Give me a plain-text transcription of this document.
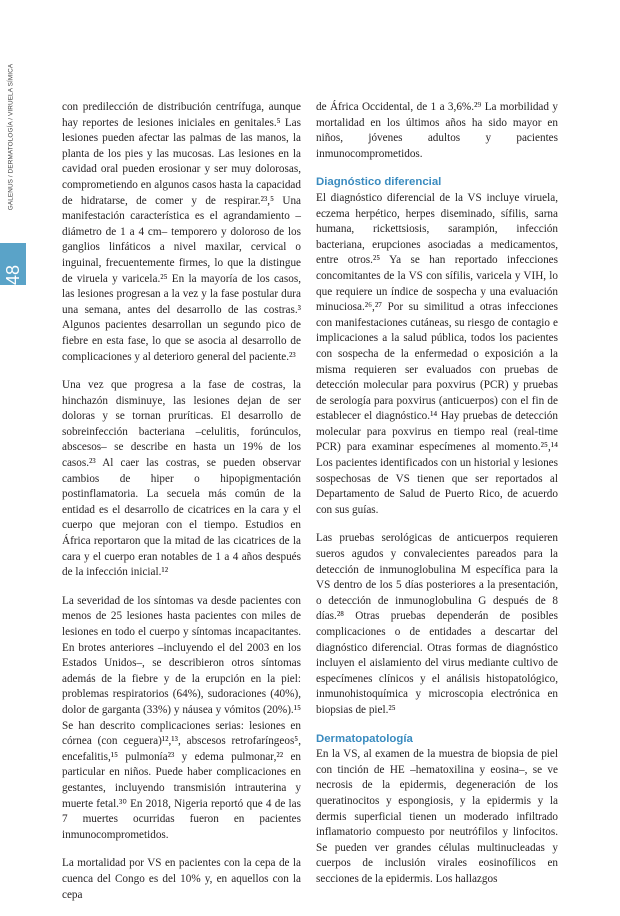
48
GALENUS / DERMATOLOGÍA / VIRUELA SÍMICA	con predilección de distribución centrífuga, aunque hay reportes de lesiones iniciales en genitales.⁵ Las lesiones pueden afectar las palmas de las manos, la planta de los pies y las mucosas. Las lesiones en la cavidad oral pueden erosionar y ser muy dolorosas, comprometiendo en algunos casos hasta la capacidad de hidratarse, de comer y de respirar.²³,⁵ Una manifestación característica es el agrandamiento –diámetro de 1 a 4 cm– temporero y doloroso de los ganglios linfáticos a nivel maxilar, cervical o inguinal, frecuentemente firmes, lo que la distingue de viruela y varicela.²⁵ En la mayoría de los casos, las lesiones progresan a la vez y la fase postular dura una semana, antes del desarrollo de las costras.³ Algunos pacientes desarrollan un segundo pico de fiebre en esta fase, lo que se asocia al desarrollo de complicaciones y al deterioro general del paciente.²³

Una vez que progresa a la fase de costras, la hinchazón disminuye, las lesiones dejan de ser doloras y se tornan pruríticas. El desarrollo de sobreinfección bacteriana –celulitis, forúnculos, abscesos– se describe en hasta un 19% de los casos.²³ Al caer las costras, se pueden observar cambios de hiper o hipopigmentación postinflamatoria. La secuela más común de la entidad es el desarrollo de cicatrices en la cara y el cuerpo que mejoran con el tiempo. Estudios en África reportaron que la mitad de las cicatrices de la cara y el cuerpo eran notables de 1 a 4 años después de la infección inicial.¹²

La severidad de los síntomas va desde pacientes con menos de 25 lesiones hasta pacientes con miles de lesiones en todo el cuerpo y síntomas incapacitantes. En brotes anteriores –incluyendo el del 2003 en los Estados Unidos–, se describieron otros síntomas además de la fiebre y de la erupción en la piel: problemas respiratorios (64%), sudoraciones (40%), dolor de garganta (33%) y náusea y vómitos (20%).¹⁵ Se han descrito complicaciones serias: lesiones en córnea (con ceguera)¹²,¹³, abscesos retrofaríngeos⁵, encefalitis,¹⁵ pulmonía²³ y edema pulmonar,²² en particular en niños. Puede haber complicaciones en gestantes, incluyendo transmisión intrauterina y muerte fetal.³⁰ En 2018, Nigeria reportó que 4 de las 7 muertes ocurridas fueron en pacientes inmunocomprometidos.

La mortalidad por VS en pacientes con la cepa de la cuenca del Congo es del 10% y, en aquellos con la cepa

de África Occidental, de 1 a 3,6%.²⁹ La morbilidad y mortalidad en los últimos años ha sido mayor en niños, jóvenes adultos y pacientes inmunocomprometidos.

Diagnóstico diferencial

El diagnóstico diferencial de la VS incluye viruela, eczema herpético, herpes diseminado, sífilis, sarna humana, rickettsiosis, sarampión, infección bacteriana, erupciones asociadas a medicamentos, entre otros.²⁵ Ya se han reportado infecciones concomitantes de la VS con sífilis, varicela y VIH, lo que requiere un índice de sospecha y una evaluación minuciosa.²⁶,²⁷ Por su similitud a otras infecciones con manifestaciones cutáneas, su riesgo de contagio e implicaciones a la salud pública, todos los pacientes con sospecha de la enfermedad o exposición a la misma requieren ser evaluados con pruebas de detección molecular para poxvirus (PCR) y pruebas de serología para poxvirus (anticuerpos) con el fin de establecer el diagnóstico.¹⁴ Hay pruebas de detección molecular para poxvirus en tiempo real (real-time PCR) para examinar especímenes al momento.²⁵,¹⁴ Los pacientes identificados con un historial y lesiones sospechosas de VS tienen que ser reportados al Departamento de Salud de Puerto Rico, de acuerdo con sus guías.

Las pruebas serológicas de anticuerpos requieren sueros agudos y convalecientes pareados para la detección de inmunoglobulina M específica para la VS dentro de los 5 días posteriores a la presentación, o detección de inmunoglobulina G después de 8 días.²⁸ Otras pruebas dependerán de posibles complicaciones o de entidades a descartar del diagnóstico diferencial. Otras formas de diagnóstico incluyen el aislamiento del virus mediante cultivo de especímenes clínicos y el análisis histopatológico, inmunohistoquímica y microscopia electrónica en biopsias de piel.²⁵

Dermatopatología

En la VS, al examen de la muestra de biopsia de piel con tinción de HE –hematoxilina y eosina–, se ve necrosis de la epidermis, degeneración de los queratinocitos y espongiosis, y la epidermis y la dermis superficial tienen un moderado infiltrado inflamatorio compuesto por neutrófilos y linfocitos. Se pueden ver grandes células multinucleadas y cuerpos de inclusión virales eosinofílicos en secciones de la epidermis. Los hallazgos
